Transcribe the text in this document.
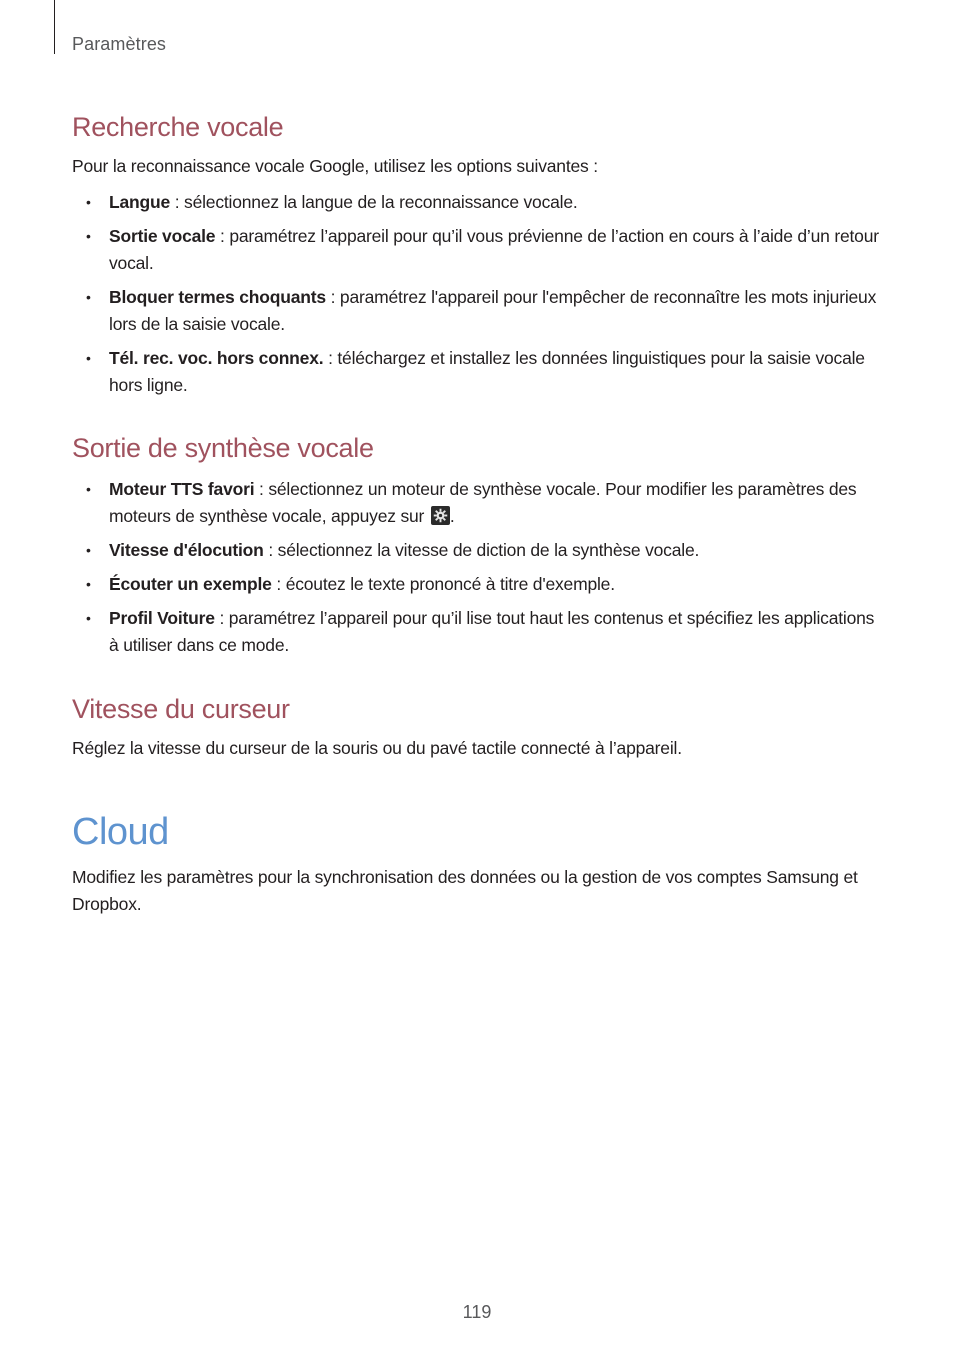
Paramètres
Recherche vocale

Pour la reconnaissance vocale Google, utilisez les options suivantes :

• Langue : sélectionnez la langue de la reconnaissance vocale.
• Sortie vocale : paramétrez l’appareil pour qu’il vous prévienne de l’action en cours à l’aide d’un retour vocal.
• Bloquer termes choquants : paramétrez l'appareil pour l'empêcher de reconnaître les mots injurieux lors de la saisie vocale.
• Tél. rec. voc. hors connex. : téléchargez et installez les données linguistiques pour la saisie vocale hors ligne.
Sortie de synthèse vocale
• Moteur TTS favori : sélectionnez un moteur de synthèse vocale. Pour modifier les paramètres des moteurs de synthèse vocale, appuyez sur
.
• Vitesse d'élocution : sélectionnez la vitesse de diction de la synthèse vocale.
• Écouter un exemple : écoutez le texte prononcé à titre d'exemple.
• Profil Voiture : paramétrez l’appareil pour qu’il lise tout haut les contenus et spécifiez les applications à utiliser dans ce mode.
Vitesse du curseur

Réglez la vitesse du curseur de la souris ou du pavé tactile connecté à l’appareil.

Cloud

Modifiez les paramètres pour la synchronisation des données ou la gestion de vos comptes Samsung et Dropbox.

119
